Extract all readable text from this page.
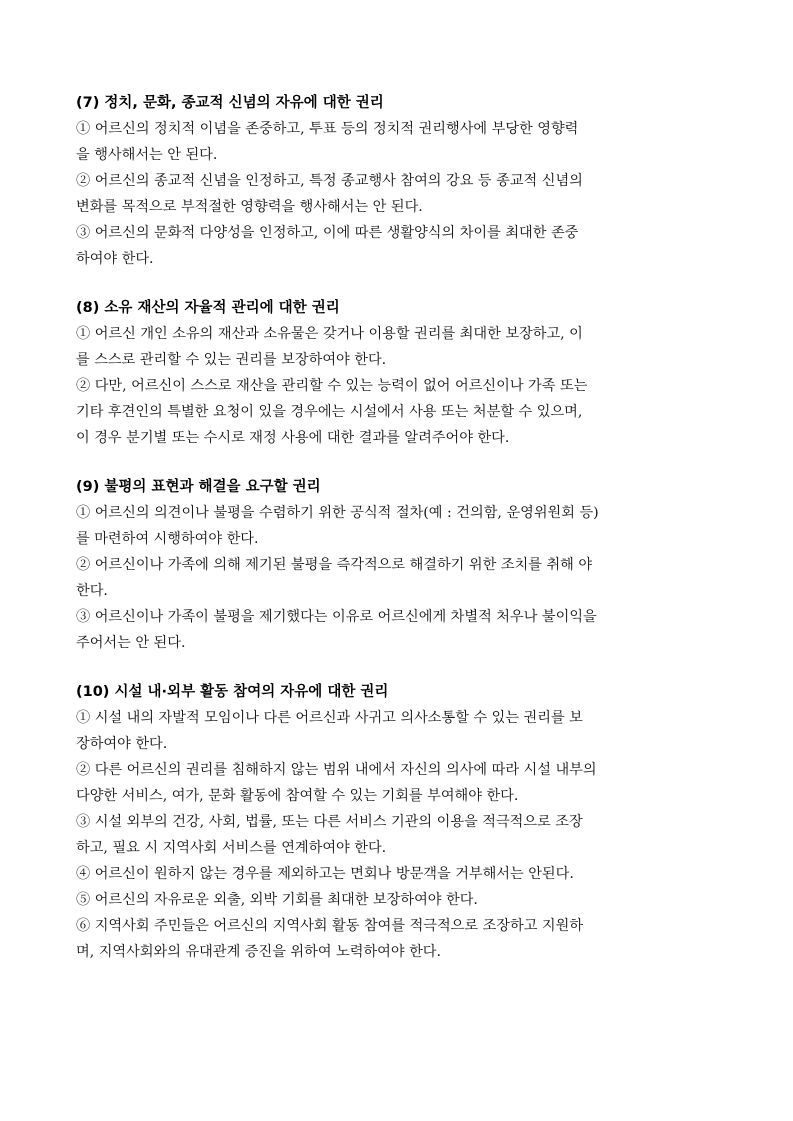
(7) 정치, 문화, 종교적 신념의 자유에 대한 권리
① 어르신의 정치적 이념을 존중하고, 투표 등의 정치적 권리행사에 부당한 영향력
을 행사해서는 안 된다.
② 어르신의 종교적 신념을 인정하고, 특정 종교행사 참여의 강요 등 종교적 신념의
변화를 목적으로 부적절한 영향력을 행사해서는 안 된다.
③ 어르신의 문화적 다양성을 인정하고, 이에 따른 생활양식의 차이를 최대한 존중
하여야 한다.
(8) 소유 재산의 자율적 관리에 대한 권리
① 어르신 개인 소유의 재산과 소유물은 갖거나 이용할 권리를 최대한 보장하고, 이
를 스스로 관리할 수 있는 권리를 보장하여야 한다.
② 다만, 어르신이 스스로 재산을 관리할 수 있는 능력이 없어 어르신이나 가족 또는
기타 후견인의 특별한 요청이 있을 경우에는 시설에서 사용 또는 처분할 수 있으며,
이 경우 분기별 또는 수시로 재정 사용에 대한 결과를 알려주어야 한다.
(9) 불평의 표현과 해결을 요구할 권리
① 어르신의 의견이나 불평을 수렴하기 위한 공식적 절차(예 : 건의함, 운영위원회 등)
를 마련하여 시행하여야 한다.
② 어르신이나 가족에 의해 제기된 불평을 즉각적으로 해결하기 위한 조치를 취해 야
한다.
③ 어르신이나 가족이 불평을 제기했다는 이유로 어르신에게 차별적 처우나 불이익을
주어서는 안 된다.
(10) 시설 내·외부 활동 참여의 자유에 대한 권리
① 시설 내의 자발적 모임이나 다른 어르신과 사귀고 의사소통할 수 있는 권리를 보
장하여야 한다.
② 다른 어르신의 권리를 침해하지 않는 범위 내에서 자신의 의사에 따라 시설 내부의
다양한 서비스, 여가, 문화 활동에 참여할 수 있는 기회를 부여해야 한다.
③ 시설 외부의 건강, 사회, 법률, 또는 다른 서비스 기관의 이용을 적극적으로 조장
하고, 필요 시 지역사회 서비스를 연계하여야 한다.
④ 어르신이 원하지 않는 경우를 제외하고는 면회나 방문객을 거부해서는 안된다.
⑤ 어르신의 자유로운 외출, 외박 기회를 최대한 보장하여야 한다.
⑥ 지역사회 주민들은 어르신의 지역사회 활동 참여를 적극적으로 조장하고 지원하
며, 지역사회와의 유대관계 증진을 위하여 노력하여야 한다.
